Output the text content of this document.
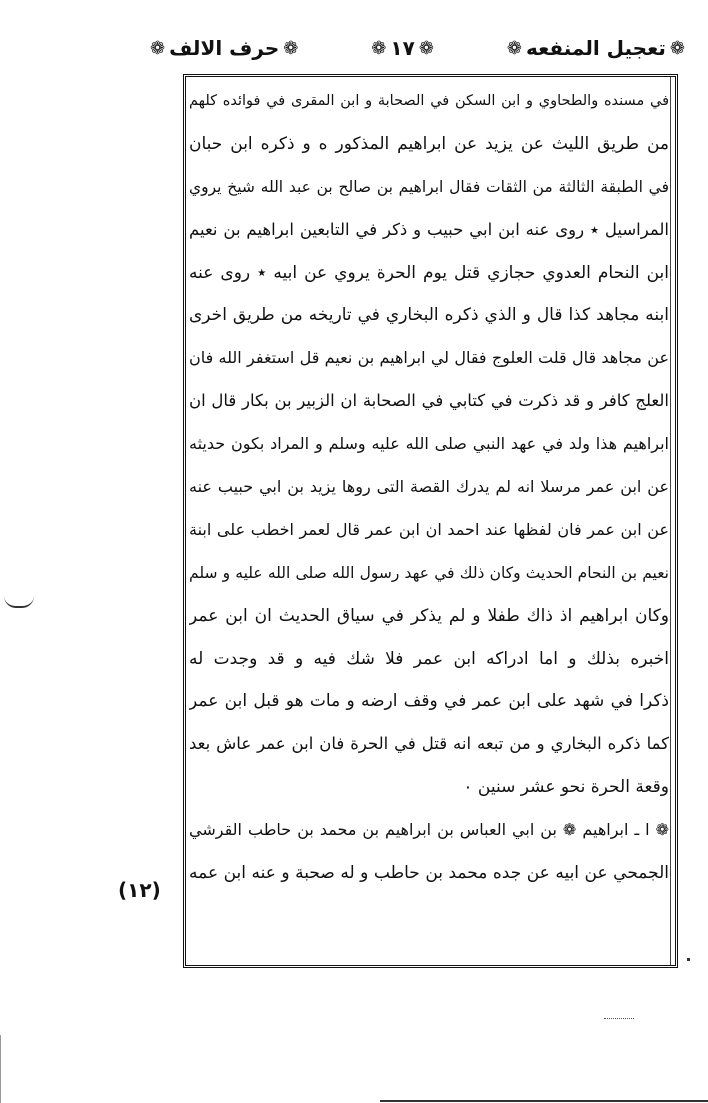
❁
تعجيل المنفعه
❁
❁
١٧
❁
❁
حرف الالف
❁
في مسنده والطحاوي و ابن السكن في الصحابة و ابن المقرى في فوائده كلهم
من طريق الليث عن يزيد عن ابراهيم المذكور ه و ذكره ابن حبان
في الطبقة الثالثة من الثقات فقال ابراهيم بن صالح بن عبد الله شيخ يروي
المراسيل ٭ روى عنه ابن ابي حبيب و ذكر في التابعين ابراهيم بن نعيم
ابن النحام العدوي حجازي قتل يوم الحرة يروي عن ابيه ٭ روى عنه
ابنه مجاهد كذا قال و الذي ذكره البخاري في تاريخه من طريق اخرى
عن مجاهد قال قلت العلوج فقال لي ابراهيم بن نعيم قل استغفر الله فان
العلج كافر و قد ذكرت في كتابي في الصحابة ان الزبير بن بكار قال ان
ابراهيم هذا ولد في عهد النبي صلى الله عليه وسلم و المراد بكون حديثه
عن ابن عمر مرسلا انه لم يدرك القصة التى روها يزيد بن ابي حبيب عنه
عن ابن عمر فان لفظها عند احمد ان ابن عمر قال لعمر اخطب على ابنة
نعيم بن النحام الحديث وكان ذلك في عهد رسول الله صلى الله عليه و سلم
وكان ابراهيم اذ ذاك طفلا و لم يذكر في سياق الحديث ان ابن عمر
اخبره بذلك و اما ادراكه ابن عمر فلا شك فيه و قد وجدت له
ذكرا في شهد على ابن عمر في وقف ارضه و مات هو قبل ابن عمر
كما ذكره البخاري و من تبعه انه قتل في الحرة فان ابن عمر عاش بعد
وقعة الحرة نحو عشر سنين ٠
❁ ا ـ ابراهيم ❁ بن ابي العباس بن ابراهيم بن محمد بن حاطب القرشي
الجمحي عن ابيه عن جده محمد بن حاطب و له صحبة و عنه ابن عمه
(١٢)
